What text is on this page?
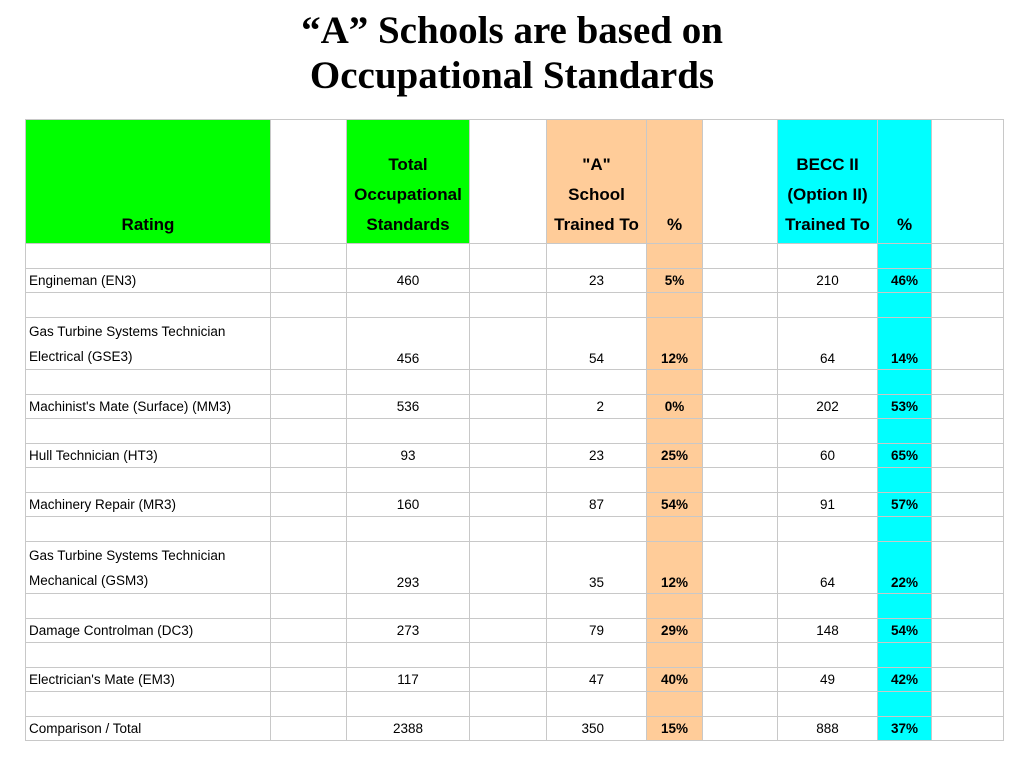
“A” Schools are based on
Occupational Standards
Rating		Total
Occupational
Standards		"A"
School
Trained To	%		BECC II
(Option II)
Trained To	%	

Engineman (EN3)		460		23	5%		210	46%	

Gas Turbine Systems Technician
Electrical (GSE3)		456		54	12%		64	14%	

Machinist's Mate (Surface) (MM3)		536		2	0%		202	53%	

Hull Technician (HT3)		93		23	25%		60	65%	

Machinery Repair (MR3)		160		87	54%		91	57%	

Gas Turbine Systems Technician
Mechanical (GSM3)		293		35	12%		64	22%	

Damage Controlman (DC3)		273		79	29%		148	54%	

Electrician's Mate (EM3)		117		47	40%		49	42%	

Comparison / Total		2388		350	15%		888	37%	
